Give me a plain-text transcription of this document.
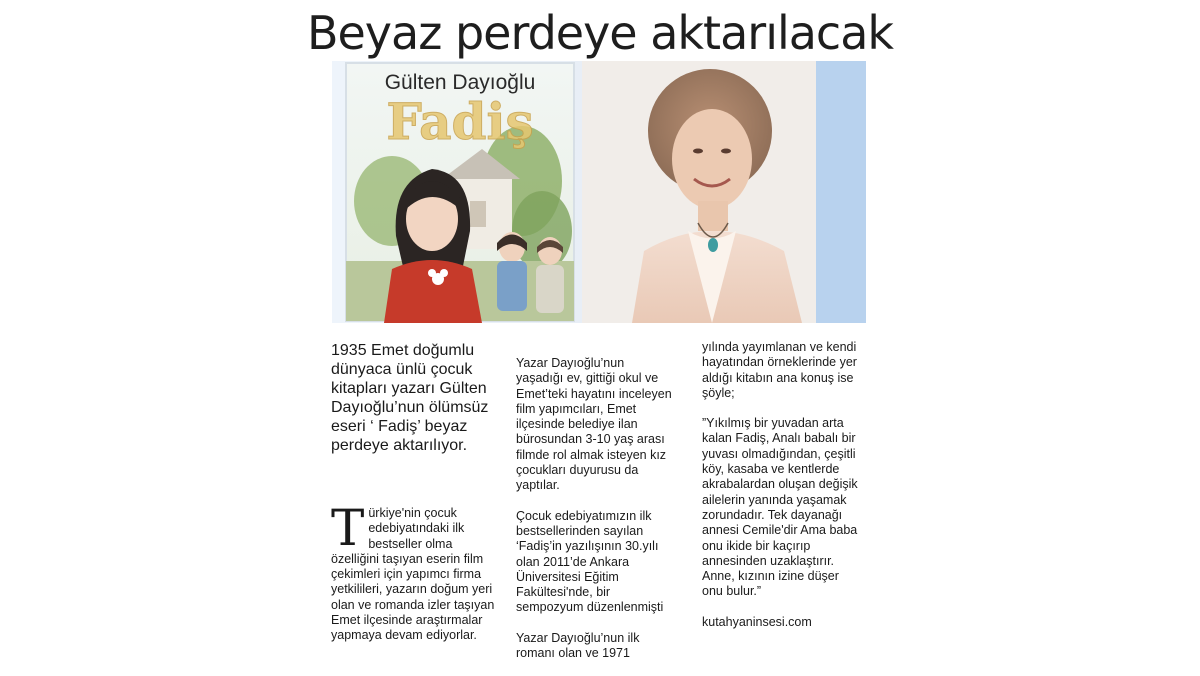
Beyaz perdeye aktarılacak
Gülten Dayıoğlu
Fadiş
1935 Emet doğumlu dünyaca ünlü çocuk kitapları yazarı Gülten Dayıoğlu’nun ölümsüz eseri ‘ Fadiş’ beyaz perdeye aktarılıyor.
Türkiye'nin çocuk edebiyatındaki ilk bestseller olma özelliğini taşıyan eserin film çekimleri için yapımcı firma yetkilileri, yazarın doğum yeri olan ve romanda izler taşıyan Emet ilçesinde araştırmalar yapmaya devam ediyorlar.

Yazar Dayıoğlu’nun yaşadığı ev, gittiği okul ve Emet’teki hayatını inceleyen film yapımcıları, Emet ilçesinde belediye ilan bürosundan 3-10 yaş arası filmde rol almak isteyen kız çocukları duyurusu da yaptılar.

Çocuk edebiyatımızın ilk bestsellerinden sayılan ‘Fadiş’in yazılışının 30.yılı olan 2011’de Ankara Üniversitesi Eğitim Fakültesi'nde, bir sempozyum düzenlenmişti

Yazar Dayıoğlu’nun ilk romanı olan ve 1971

yılında yayımlanan ve kendi hayatından örneklerinde yer aldığı kitabın ana konuş ise şöyle;

”Yıkılmış bir yuvadan arta kalan Fadiş, Analı babalı bir yuvası olmadığından, çeşitli köy, kasaba ve kentlerde akrabalardan oluşan değişik ailelerin yanında yaşamak zorundadır. Tek dayanağı annesi Cemile'dir Ama baba onu ikide bir kaçırıp annesinden uzaklaştırır. Anne, kızının izine düşer onu bulur.”

kutahyaninsesi.com
